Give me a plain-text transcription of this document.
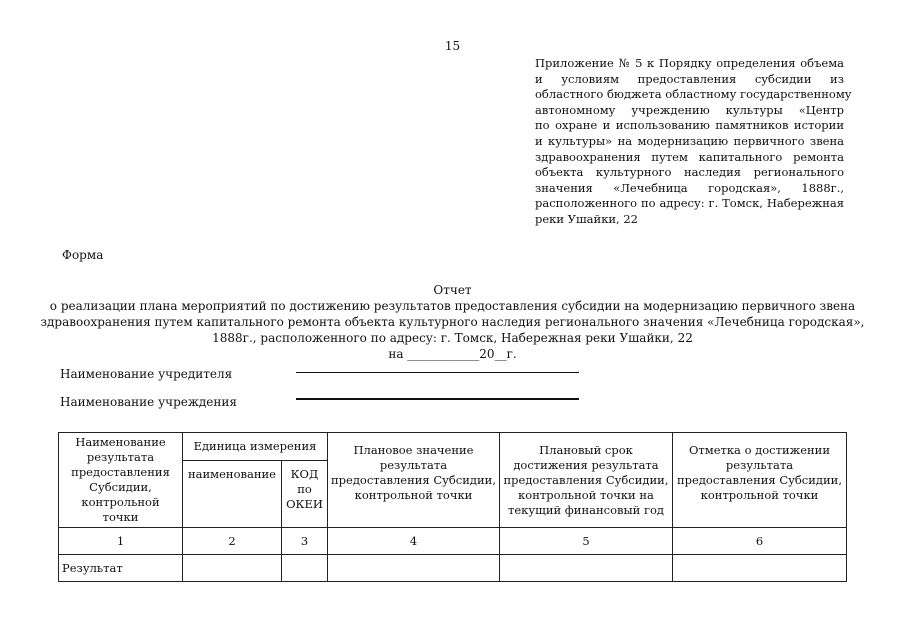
15
Приложение № 5 к Порядку определения объема
и условиям предоставления субсидии из
областного бюджета областному государственному
автономному учреждению культуры «Центр
по охране и использованию памятников истории
и культуры» на модернизацию первичного звена
здравоохранения путем капитального ремонта
объекта культурного наследия регионального
значения «Лечебница городская», 1888г.,
расположенного по адресу: г. Томск, Набережная
реки Ушайки, 22
Форма
Отчет
о реализации плана мероприятий по достижению результатов предоставления субсидии на модернизацию первичного звена
здравоохранения путем капитального ремонта объекта культурного наследия регионального значения «Лечебница городская»,
1888г., расположенного по адресу: г. Томск, Набережная реки Ушайки, 22
на ____________20__г.
Наименование учредителя
Наименование учреждения
Наименование результата предоставления Субсидии, контрольной точки	Единица измерения		Плановое значение результата предоставления Субсидии, контрольной точки	Плановый срок достижения результата предоставления Субсидии, контрольной точки на текущий финансовый год	Отметка о достижении результата предоставления Субсидии, контрольной точки
	наименование	КОД по ОКЕИ			
1	2	3	4	5	6
Результат					
